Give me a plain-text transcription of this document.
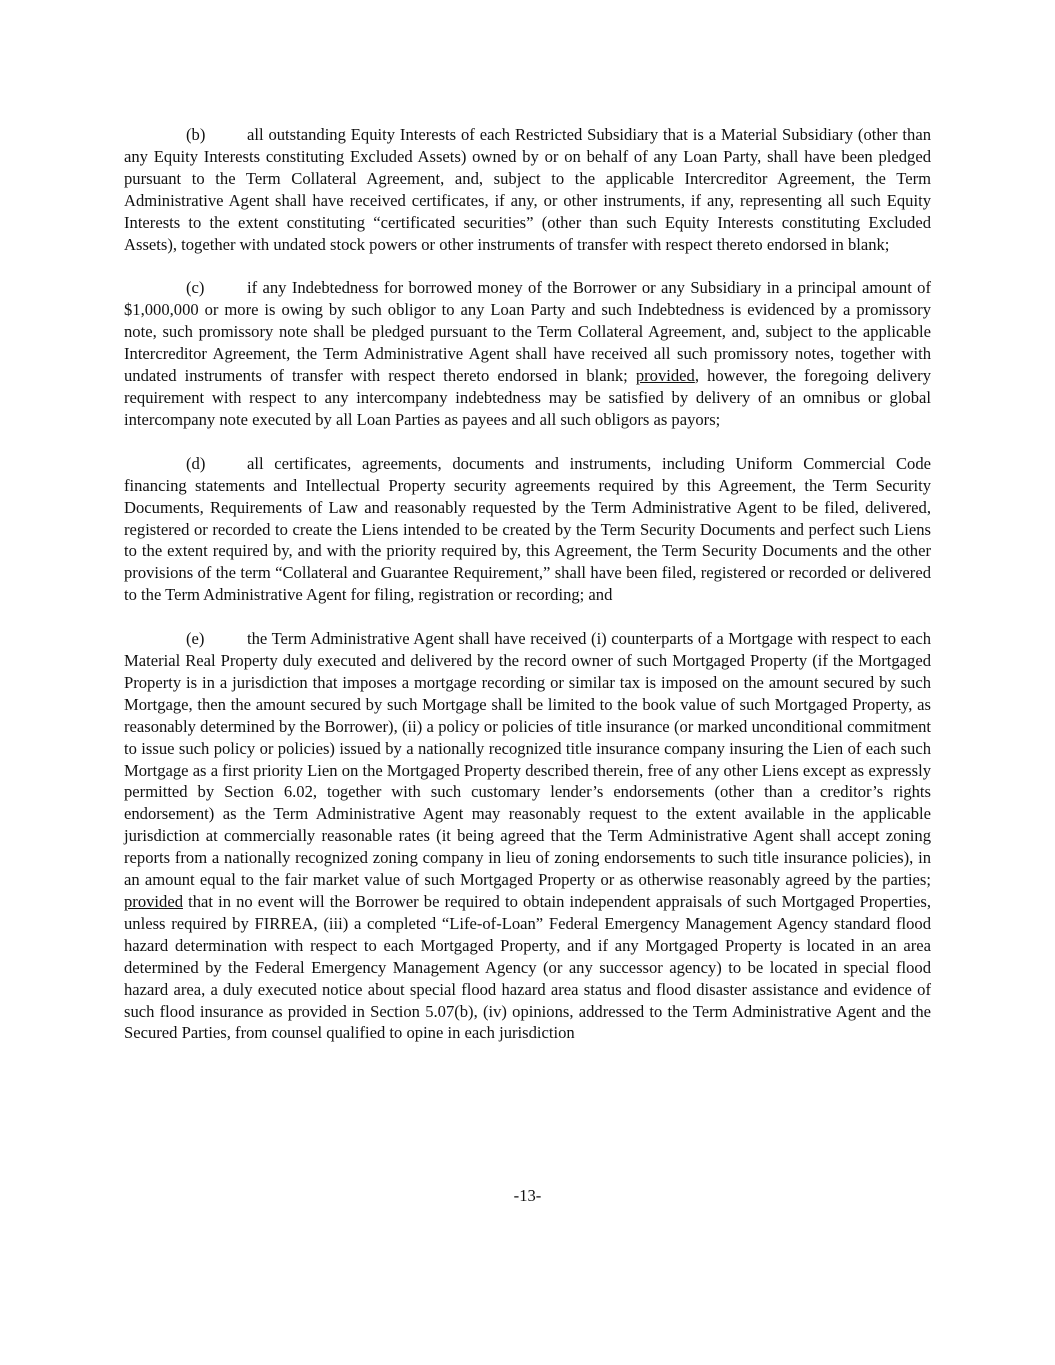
(b)	all outstanding Equity Interests of each Restricted Subsidiary that is a Material Subsidiary (other than any Equity Interests constituting Excluded Assets) owned by or on behalf of any Loan Party, shall have been pledged pursuant to the Term Collateral Agreement, and, subject to the applicable Intercreditor Agreement, the Term Administrative Agent shall have received certificates, if any, or other instruments, if any, representing all such Equity Interests to the extent constituting “certificated securities” (other than such Equity Interests constituting Excluded Assets), together with undated stock powers or other instruments of transfer with respect thereto endorsed in blank;

(c)	if any Indebtedness for borrowed money of the Borrower or any Subsidiary in a principal amount of $1,000,000 or more is owing by such obligor to any Loan Party and such Indebtedness is evidenced by a promissory note, such promissory note shall be pledged pursuant to the Term Collateral Agreement, and, subject to the applicable Intercreditor Agreement, the Term Administrative Agent shall have received all such promissory notes, together with undated instruments of transfer with respect thereto endorsed in blank; provided, however, the foregoing delivery requirement with respect to any intercompany indebtedness may be satisfied by delivery of an omnibus or global intercompany note executed by all Loan Parties as payees and all such obligors as payors;

(d)	all certificates, agreements, documents and instruments, including Uniform Commercial Code financing statements and Intellectual Property security agreements required by this Agreement, the Term Security Documents, Requirements of Law and reasonably requested by the Term Administrative Agent to be filed, delivered, registered or recorded to create the Liens intended to be created by the Term Security Documents and perfect such Liens to the extent required by, and with the priority required by, this Agreement, the Term Security Documents and the other provisions of the term “Collateral and Guarantee Requirement,” shall have been filed, registered or recorded or delivered to the Term Administrative Agent for filing, registration or recording; and

(e)	the Term Administrative Agent shall have received (i) counterparts of a Mortgage with respect to each Material Real Property duly executed and delivered by the record owner of such Mortgaged Property (if the Mortgaged Property is in a jurisdiction that imposes a mortgage recording or similar tax is imposed on the amount secured by such Mortgage, then the amount secured by such Mortgage shall be limited to the book value of such Mortgaged Property, as reasonably determined by the Borrower), (ii) a policy or policies of title insurance (or marked unconditional commitment to issue such policy or policies) issued by a nationally recognized title insurance company insuring the Lien of each such Mortgage as a first priority Lien on the Mortgaged Property described therein, free of any other Liens except as expressly permitted by Section 6.02, together with such customary lender’s endorsements (other than a creditor’s rights endorsement) as the Term Administrative Agent may reasonably request to the extent available in the applicable jurisdiction at commercially reasonable rates (it being agreed that the Term Administrative Agent shall accept zoning reports from a nationally recognized zoning company in lieu of zoning endorsements to such title insurance policies), in an amount equal to the fair market value of such Mortgaged Property or as otherwise reasonably agreed by the parties; provided that in no event will the Borrower be required to obtain independent appraisals of such Mortgaged Properties, unless required by FIRREA, (iii) a completed “Life-of-Loan” Federal Emergency Management Agency standard flood hazard determination with respect to each Mortgaged Property, and if any Mortgaged Property is located in an area determined by the Federal Emergency Management Agency (or any successor agency) to be located in special flood hazard area, a duly executed notice about special flood hazard area status and flood disaster assistance and evidence of such flood insurance as provided in Section 5.07(b), (iv) opinions, addressed to the Term Administrative Agent and the Secured Parties, from counsel qualified to opine in each jurisdiction

-13-
